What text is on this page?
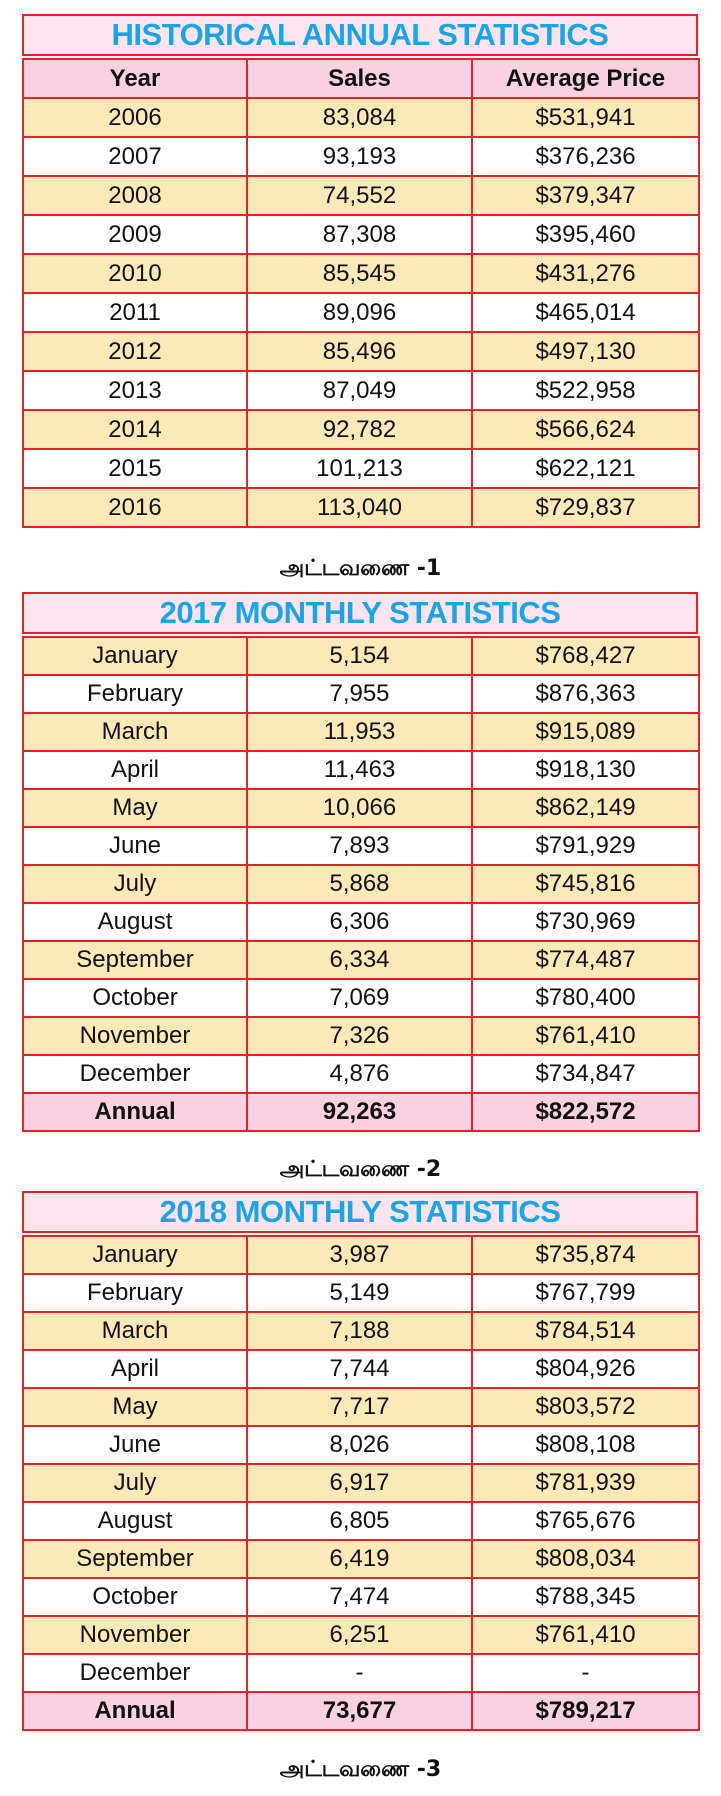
HISTORICAL ANNUAL STATISTICS
Year	Sales	Average Price
2006	83,084	$531,941
2007	93,193	$376,236
2008	74,552	$379,347
2009	87,308	$395,460
2010	85,545	$431,276
2011	89,096	$465,014
2012	85,496	$497,130
2013	87,049	$522,958
2014	92,782	$566,624
2015	101,213	$622,121
2016	113,040	$729,837
அட்டவணை -1
2017 MONTHLY STATISTICS
January	5,154	$768,427
February	7,955	$876,363
March	11,953	$915,089
April	11,463	$918,130
May	10,066	$862,149
June	7,893	$791,929
July	5,868	$745,816
August	6,306	$730,969
September	6,334	$774,487
October	7,069	$780,400
November	7,326	$761,410
December	4,876	$734,847
Annual	92,263	$822,572
அட்டவணை -2
2018 MONTHLY STATISTICS
January	3,987	$735,874
February	5,149	$767,799
March	7,188	$784,514
April	7,744	$804,926
May	7,717	$803,572
June	8,026	$808,108
July	6,917	$781,939
August	6,805	$765,676
September	6,419	$808,034
October	7,474	$788,345
November	6,251	$761,410
December	-	-
Annual	73,677	$789,217
அட்டவணை -3
